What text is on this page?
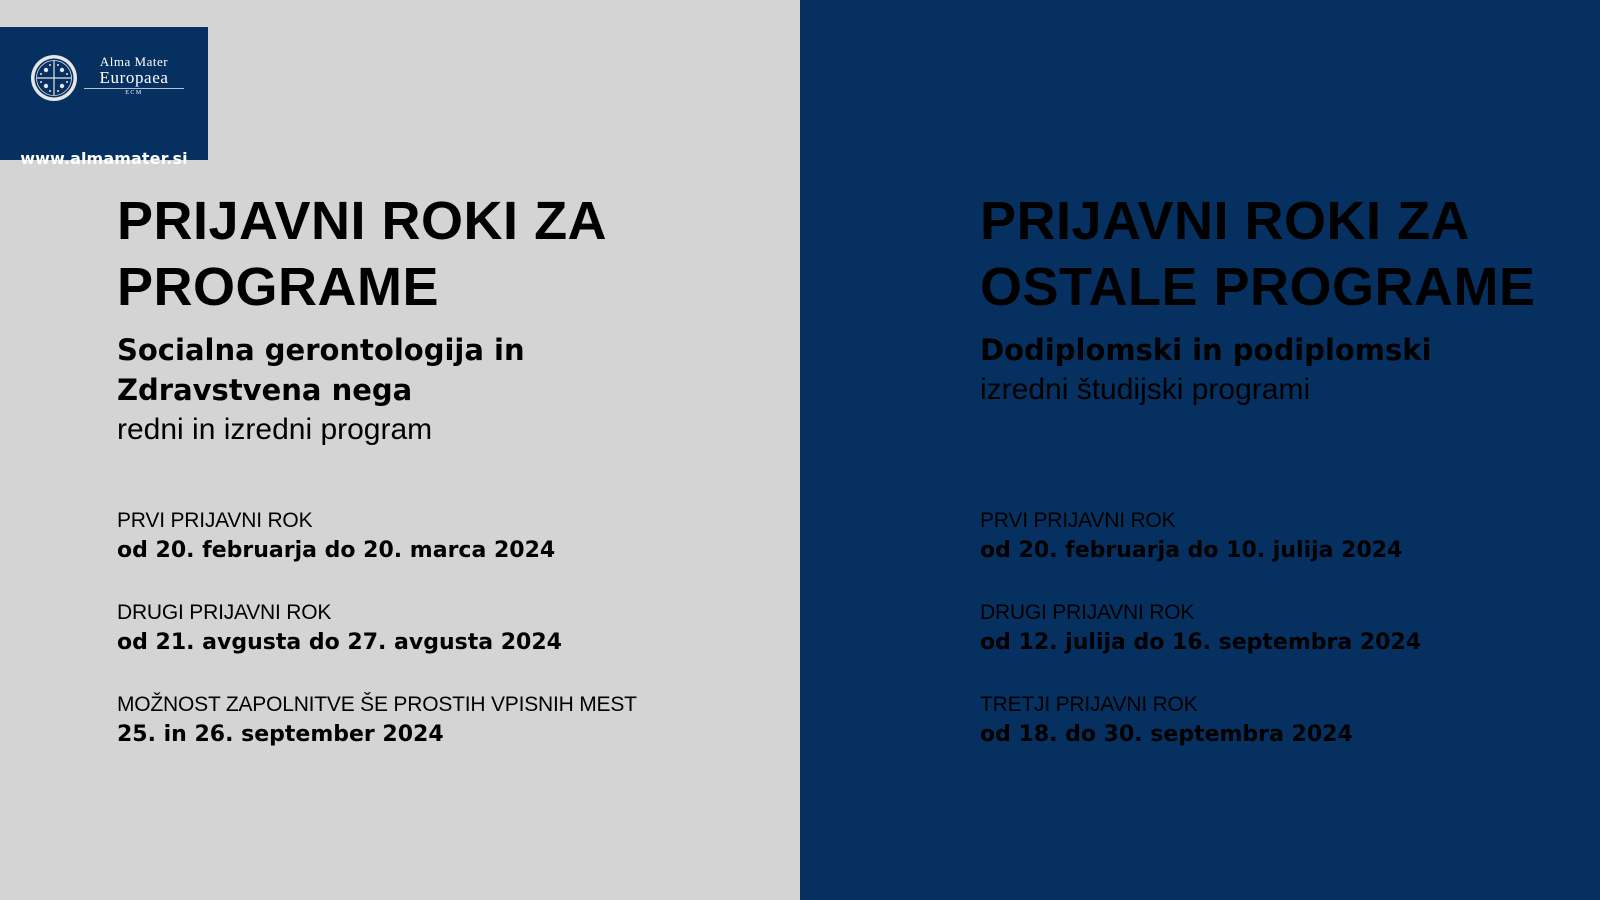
Alma Mater
Europaea
ECM
www.almamater.si
PRIJAVNI ROKI ZA
PROGRAME
Socialna gerontologija in
Zdravstvena nega
redni in izredni program
PRVI PRIJAVNI ROK
od 20. februarja do 20. marca 2024
DRUGI PRIJAVNI ROK
od 21. avgusta do 27. avgusta 2024
MOŽNOST ZAPOLNITVE ŠE PROSTIH VPISNIH MEST
25. in 26. september 2024
PRIJAVNI ROKI ZA
OSTALE PROGRAME
Dodiplomski in podiplomski
izredni študijski programi
PRVI PRIJAVNI ROK
od 20. februarja do 10. julija 2024
DRUGI PRIJAVNI ROK
od 12. julija do 16. septembra 2024
TRETJI PRIJAVNI ROK
od 18. do 30. septembra 2024
